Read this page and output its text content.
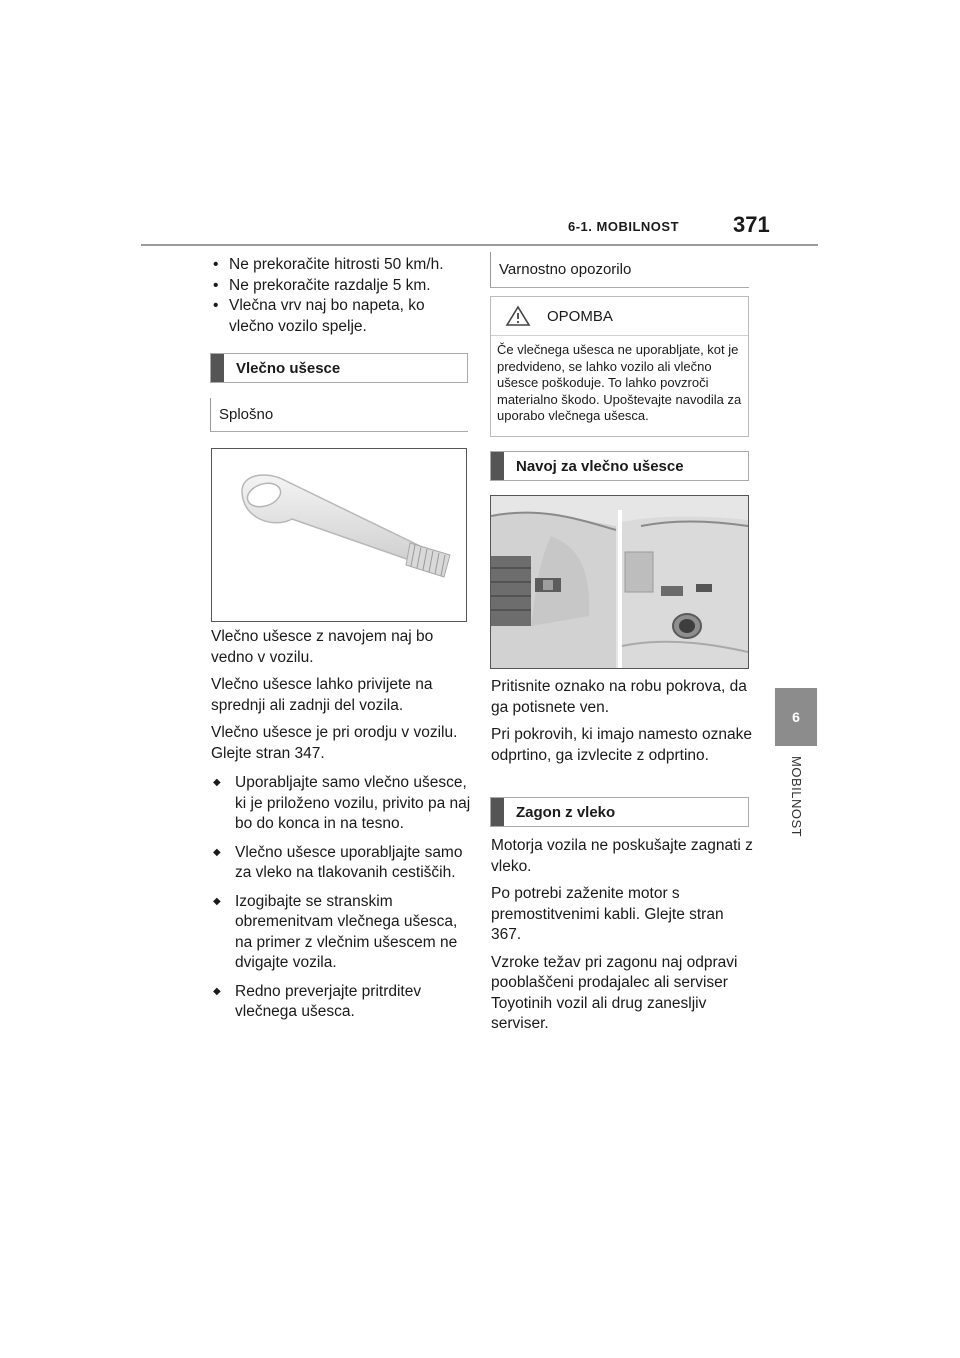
6-1. MOBILNOST 371
6
MOBILNOST
• Ne prekoračite hitrosti 50 km/h.
• Ne prekoračite razdalje 5 km.
• Vlečna vrv naj bo napeta, ko vlečno vozilo spelje.
Vlečno ušesce
Splošno

Vlečno ušesce z navojem naj bo vedno v vozilu.

Vlečno ušesce lahko privijete na sprednji ali zadnji del vozila.

Vlečno ušesce je pri orodju v vozilu. Glejte stran 347.

◆ Uporabljajte samo vlečno ušesce, ki je priloženo vozilu, privito pa naj bo do konca in na tesno.
◆ Vlečno ušesce uporabljajte samo za vleko na tlakovanih cestiščih.
◆ Izogibajte se stranskim obremenitvam vlečnega ušesca, na primer z vlečnim ušescem ne dvigajte vozila.
◆ Redno preverjajte pritrditev vlečnega ušesca.
Varnostno opozorilo
OPOMBA
Če vlečnega ušesca ne uporabljate, kot je predvideno, se lahko vozilo ali vlečno ušesce poškoduje. To lahko povzroči materialno škodo. Upoštevajte navodila za uporabo vlečnega ušesca.
Navoj za vlečno ušesce

Pritisnite oznako na robu pokrova, da ga potisnete ven.

Pri pokrovih, ki imajo namesto oznake odprtino, ga izvlecite z odprtino.

Zagon z vleko

Motorja vozila ne poskušajte zagnati z vleko.

Po potrebi zaženite motor s premostitvenimi kabli. Glejte stran 367.

Vzroke težav pri zagonu naj odpravi pooblaščeni prodajalec ali serviser Toyotinih vozil ali drug zanesljiv serviser.
